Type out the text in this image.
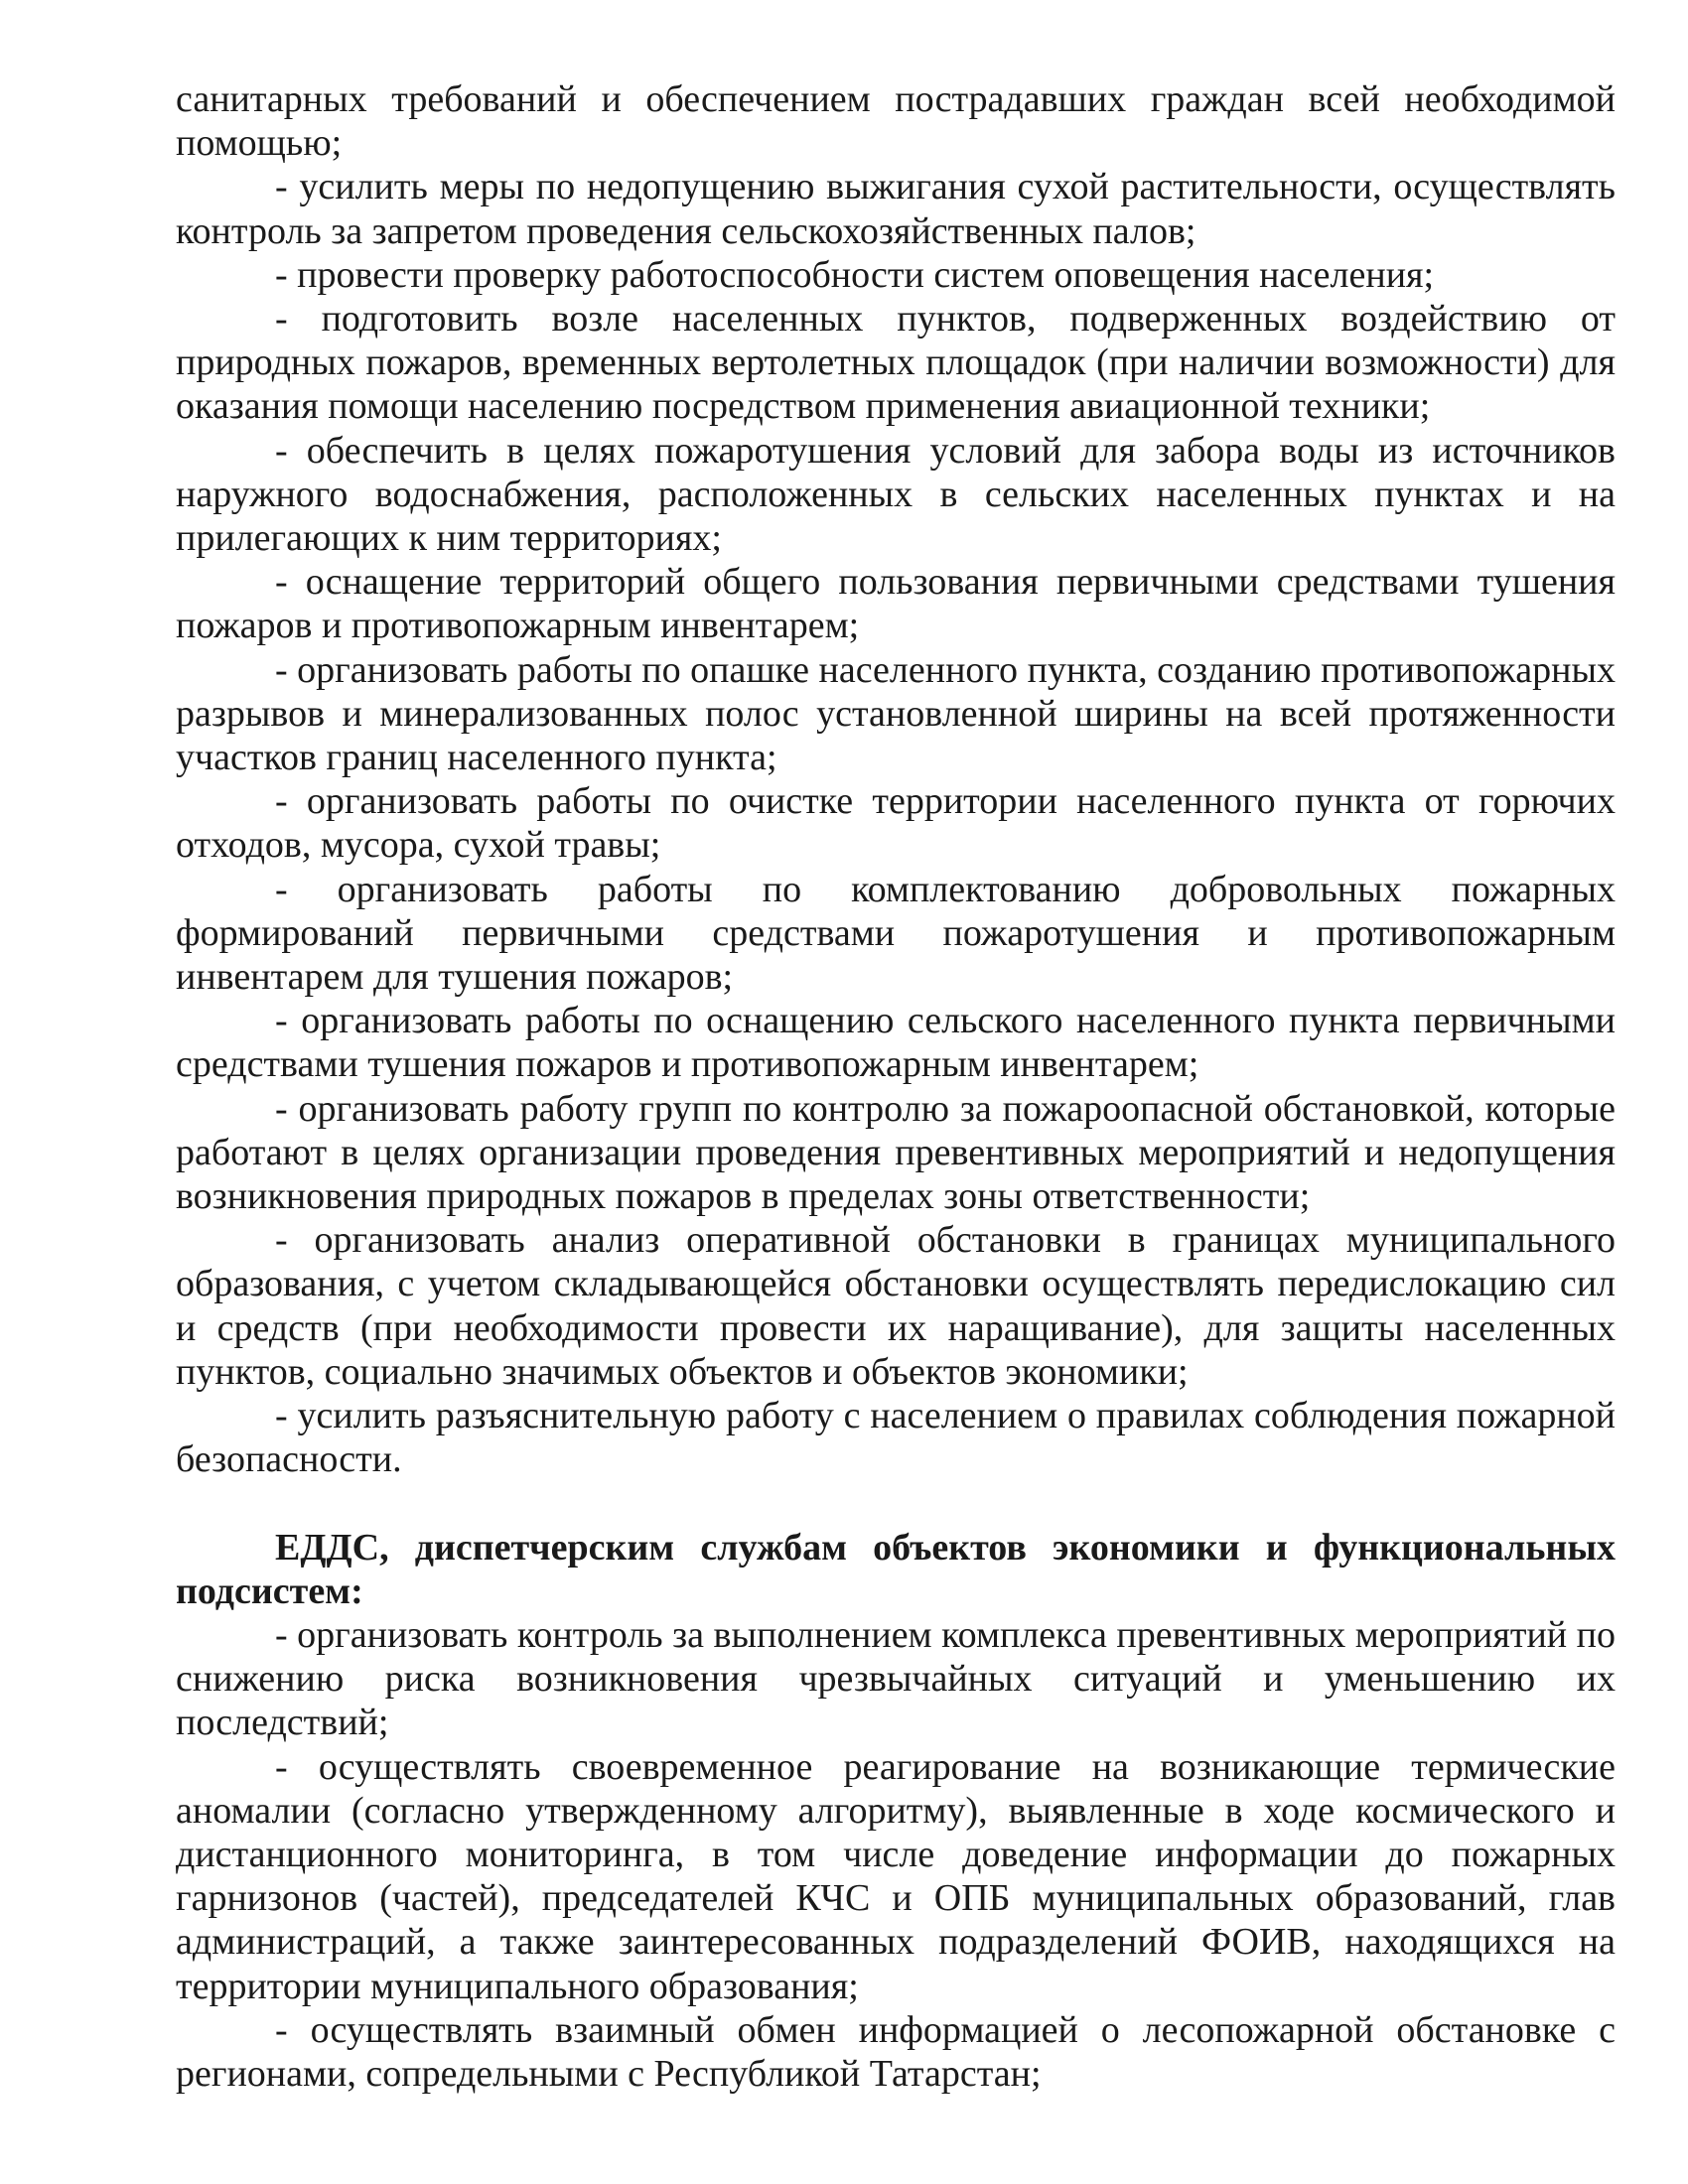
санитарных требований и обеспечением пострадавших граждан всей необходимой помощью;

- усилить меры по недопущению выжигания сухой растительности, осуществлять контроль за запретом проведения сельскохозяйственных палов;

- провести проверку работоспособности систем оповещения населения;

- подготовить возле населенных пунктов, подверженных воздействию от природных пожаров, временных вертолетных площадок (при наличии возможности) для оказания помощи населению посредством применения авиационной техники;

- обеспечить в целях пожаротушения условий для забора воды из источников наружного водоснабжения, расположенных в сельских населенных пунктах и на прилегающих к ним территориях;

- оснащение территорий общего пользования первичными средствами тушения пожаров и противопожарным инвентарем;

- организовать работы по опашке населенного пункта, созданию противопожарных разрывов и минерализованных полос установленной ширины на всей протяженности участков границ населенного пункта;

- организовать работы по очистке территории населенного пункта от горючих отходов, мусора, сухой травы;

- организовать работы по комплектованию добровольных пожарных формирований первичными средствами пожаротушения и противопожарным инвентарем для тушения пожаров;

- организовать работы по оснащению сельского населенного пункта первичными средствами тушения пожаров и противопожарным инвентарем;

- организовать работу групп по контролю за пожароопасной обстановкой, которые работают в целях организации проведения превентивных мероприятий и недопущения возникновения природных пожаров в пределах зоны ответственности;

- организовать анализ оперативной обстановки в границах муниципального образования, с учетом складывающейся обстановки осуществлять передислокацию сил и средств (при необходимости провести их наращивание), для защиты населенных пунктов, социально значимых объектов и объектов экономики;

- усилить разъяснительную работу с населением о правилах соблюдения пожарной безопасности.

ЕДДС, диспетчерским службам объектов экономики и функциональных подсистем:

- организовать контроль за выполнением комплекса превентивных мероприятий по снижению риска возникновения чрезвычайных ситуаций и уменьшению их последствий;

- осуществлять своевременное реагирование на возникающие термические аномалии (согласно утвержденному алгоритму), выявленные в ходе космического и дистанционного мониторинга, в том числе доведение информации до пожарных гарнизонов (частей), председателей КЧС и ОПБ муниципальных образований, глав администраций, а также заинтересованных подразделений ФОИВ, находящихся на территории муниципального образования;

- осуществлять взаимный обмен информацией о лесопожарной обстановке с регионами, сопредельными с Республикой Татарстан;
